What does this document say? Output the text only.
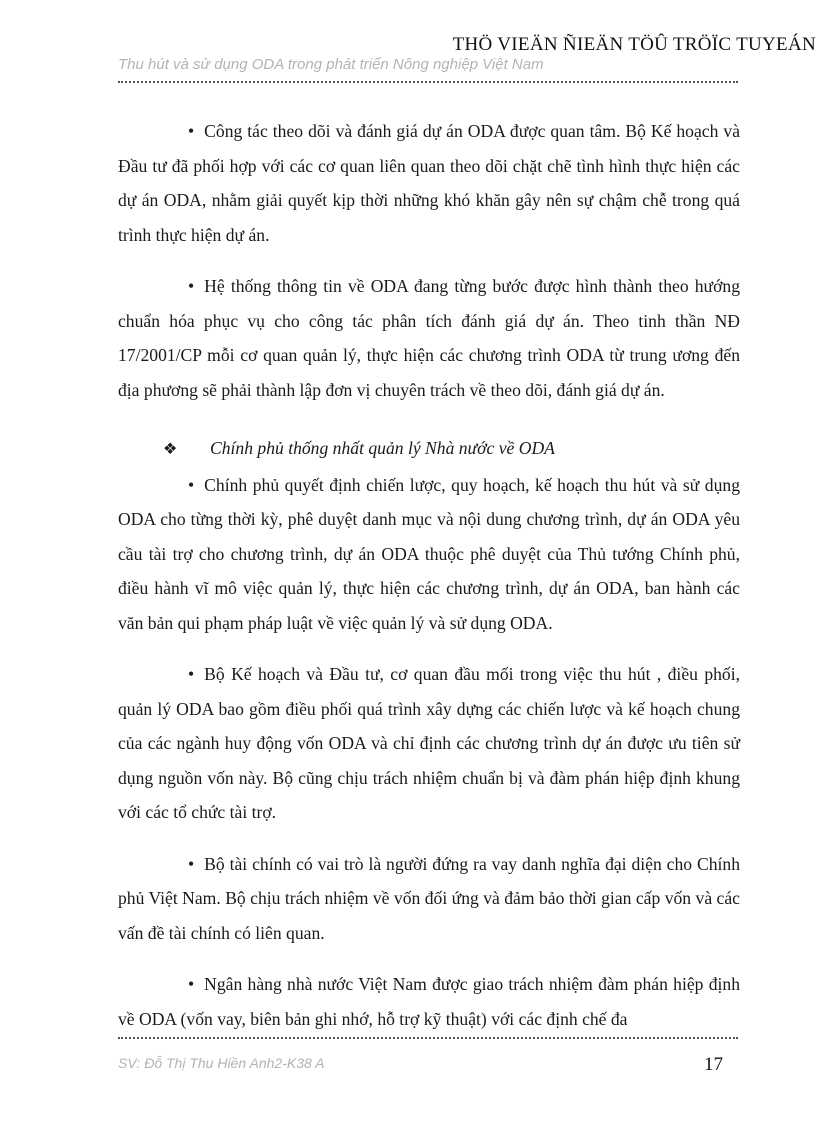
THÖ VIEÄN ÑIEÄN TÖÛ TRÖÏC TUYEÁN
Thu hút và sử dụng ODA trong phát triển Nông nghiệp Việt Nam

• Công tác theo dõi và đánh giá dự án ODA được quan tâm. Bộ Kế hoạch và Đầu tư đã phối hợp với các cơ quan liên quan theo dõi chặt chẽ tình hình thực hiện các dự án ODA, nhằm giải quyết kịp thời những khó khăn gây nên sự chậm chễ trong quá trình thực hiện dự án.

• Hệ thống thông tin về ODA đang từng bước được hình thành theo hướng chuẩn hóa phục vụ cho công tác phân tích đánh giá dự án. Theo tinh thần NĐ 17/2001/CP mỗi cơ quan quản lý, thực hiện các chương trình ODA từ trung ương đến địa phương sẽ phải thành lập đơn vị chuyên trách về theo dõi, đánh giá dự án.

❖ Chính phủ thống nhất quản lý Nhà nước về ODA

• Chính phủ quyết định chiến lược, quy hoạch, kế hoạch thu hút và sử dụng ODA cho từng thời kỳ, phê duyệt danh mục và nội dung chương trình, dự án ODA yêu cầu tài trợ cho chương trình, dự án ODA thuộc phê duyệt của Thủ tướng Chính phủ, điều hành vĩ mô việc quản lý, thực hiện các chương trình, dự án ODA, ban hành các văn bản qui phạm pháp luật về việc quản lý và sử dụng ODA.

• Bộ Kế hoạch và Đầu tư, cơ quan đầu mối trong việc thu hút , điều phối, quản lý ODA bao gồm điều phối quá trình xây dựng các chiến lược và kế hoạch chung của các ngành huy động vốn ODA và chỉ định các chương trình dự án được ưu tiên sử dụng nguồn vốn này. Bộ cũng chịu trách nhiệm chuẩn bị và đàm phán hiệp định khung với các tổ chức tài trợ.

• Bộ tài chính có vai trò là người đứng ra vay danh nghĩa đại diện cho Chính phủ Việt Nam. Bộ chịu trách nhiệm về vốn đối ứng và đảm bảo thời gian cấp vốn và các vấn đề tài chính có liên quan.

• Ngân hàng nhà nước Việt Nam được giao trách nhiệm đàm phán hiệp định về ODA (vốn vay, biên bản ghi nhớ, hỗ trợ kỹ thuật) với các định chế đa

SV: Đỗ Thị Thu Hiền Anh2-K38 A	17
